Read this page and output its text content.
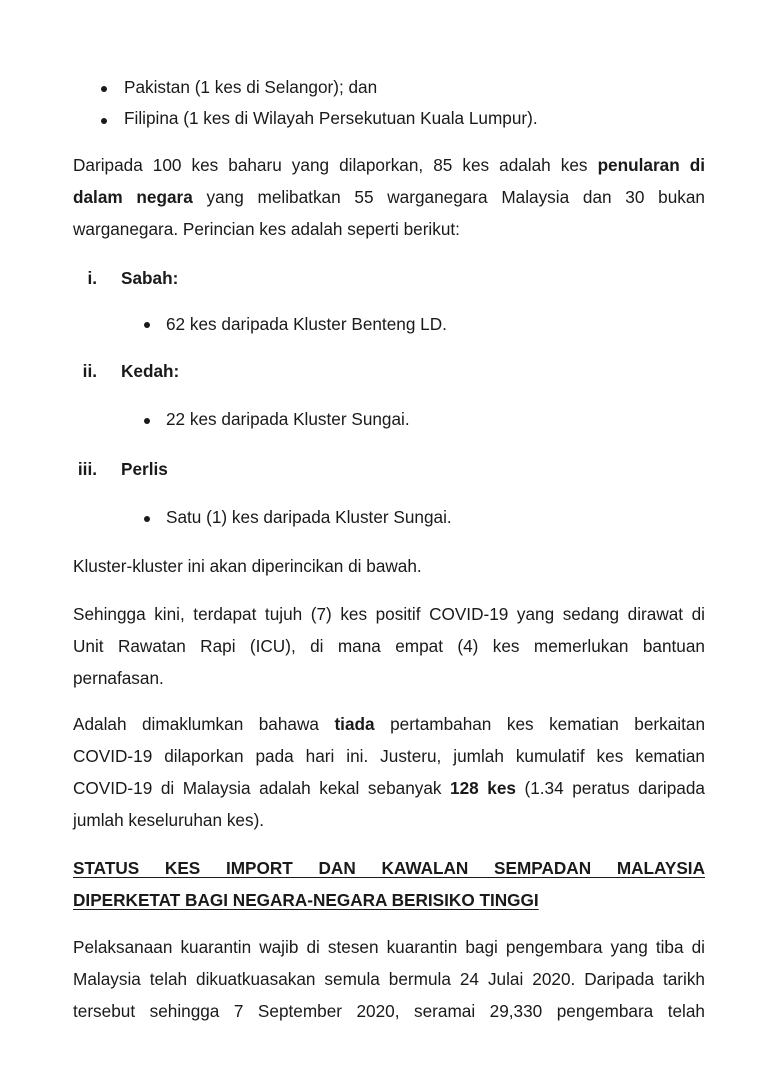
Pakistan (1 kes di Selangor); dan
Filipina (1 kes di Wilayah Persekutuan Kuala Lumpur).
Daripada 100 kes baharu yang dilaporkan, 85 kes adalah kes penularan di
dalam negara yang melibatkan 55 warganegara Malaysia dan 30 bukan
warganegara. Perincian kes adalah seperti berikut:
i. Sabah:
62 kes daripada Kluster Benteng LD.
ii. Kedah:
22 kes daripada Kluster Sungai.
iii. Perlis
Satu (1) kes daripada Kluster Sungai.
Kluster-kluster ini akan diperincikan di bawah.
Sehingga kini, terdapat tujuh (7) kes positif COVID-19 yang sedang dirawat di
Unit Rawatan Rapi (ICU), di mana empat (4) kes memerlukan bantuan
pernafasan.
Adalah dimaklumkan bahawa tiada pertambahan kes kematian berkaitan
COVID-19 dilaporkan pada hari ini. Justeru, jumlah kumulatif kes kematian
COVID-19 di Malaysia adalah kekal sebanyak 128 kes (1.34 peratus daripada
jumlah keseluruhan kes).
STATUS KES IMPORT DAN KAWALAN SEMPADAN MALAYSIA
DIPERKETAT BAGI NEGARA-NEGARA BERISIKO TINGGI
Pelaksanaan kuarantin wajib di stesen kuarantin bagi pengembara yang tiba di
Malaysia telah dikuatkuasakan semula bermula 24 Julai 2020. Daripada tarikh
tersebut sehingga 7 September 2020, seramai 29,330 pengembara telah
